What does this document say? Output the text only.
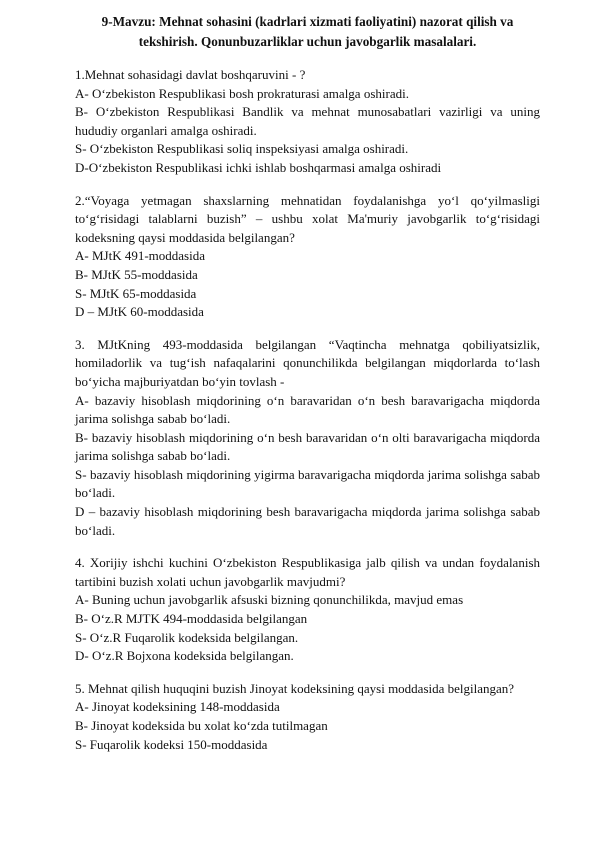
9-Mavzu: Mehnat sohasini (kadrlari xizmati faoliyatini) nazorat qilish va
tekshirish. Qonunbuzarliklar uchun javobgarlik masalalari.

1.Mehnat sohasidagi davlat boshqaruvini - ?

A- O‘zbekiston Respublikasi bosh prokraturasi amalga oshiradi.

B- O‘zbekiston Respublikasi Bandlik va mehnat munosabatlari vazirligi va uning hududiy organlari amalga oshiradi.

S- O‘zbekiston Respublikasi soliq inspeksiyasi amalga oshiradi.

D-O‘zbekiston Respublikasi ichki ishlab boshqarmasi amalga oshiradi

2.“Voyaga yetmagan shaxslarning mehnatidan foydalanishga yo‘l qo‘yilmasligi to‘g‘risidagi talablarni buzish” – ushbu xolat Ma'muriy javobgarlik to‘g‘risidagi kodeksning qaysi moddasida belgilangan?

A- MJtK 491-moddasida

B- MJtK 55-moddasida

S- MJtK 65-moddasida

D – MJtK 60-moddasida

3. MJtKning 493-moddasida belgilangan “Vaqtincha mehnatga qobiliyatsizlik, homiladorlik va tug‘ish nafaqalarini qonunchilikda belgilangan miqdorlarda to‘lash bo‘yicha majburiyatdan bo‘yin tovlash -

A- bazaviy hisoblash miqdorining o‘n baravaridan o‘n besh baravarigacha miqdorda jarima solishga sabab bo‘ladi.

B- bazaviy hisoblash miqdorining o‘n besh baravaridan o‘n olti baravarigacha miqdorda jarima solishga sabab bo‘ladi.

S- bazaviy hisoblash miqdorining yigirma baravarigacha miqdorda jarima solishga sabab bo‘ladi.

D – bazaviy hisoblash miqdorining besh baravarigacha miqdorda jarima solishga sabab bo‘ladi.

4. Xorijiy ishchi kuchini O‘zbekiston Respublikasiga jalb qilish va undan foydalanish tartibini buzish xolati uchun javobgarlik mavjudmi?

A- Buning uchun javobgarlik afsuski bizning qonunchilikda, mavjud emas

B- O‘z.R MJTK 494-moddasida belgilangan

S- O‘z.R Fuqarolik kodeksida belgilangan.

D- O‘z.R Bojxona kodeksida belgilangan.

5. Mehnat qilish huquqini buzish Jinoyat kodeksining qaysi moddasida belgilangan?

A- Jinoyat kodeksining 148-moddasida

B- Jinoyat kodeksida bu xolat ko‘zda tutilmagan

S- Fuqarolik kodeksi 150-moddasida
